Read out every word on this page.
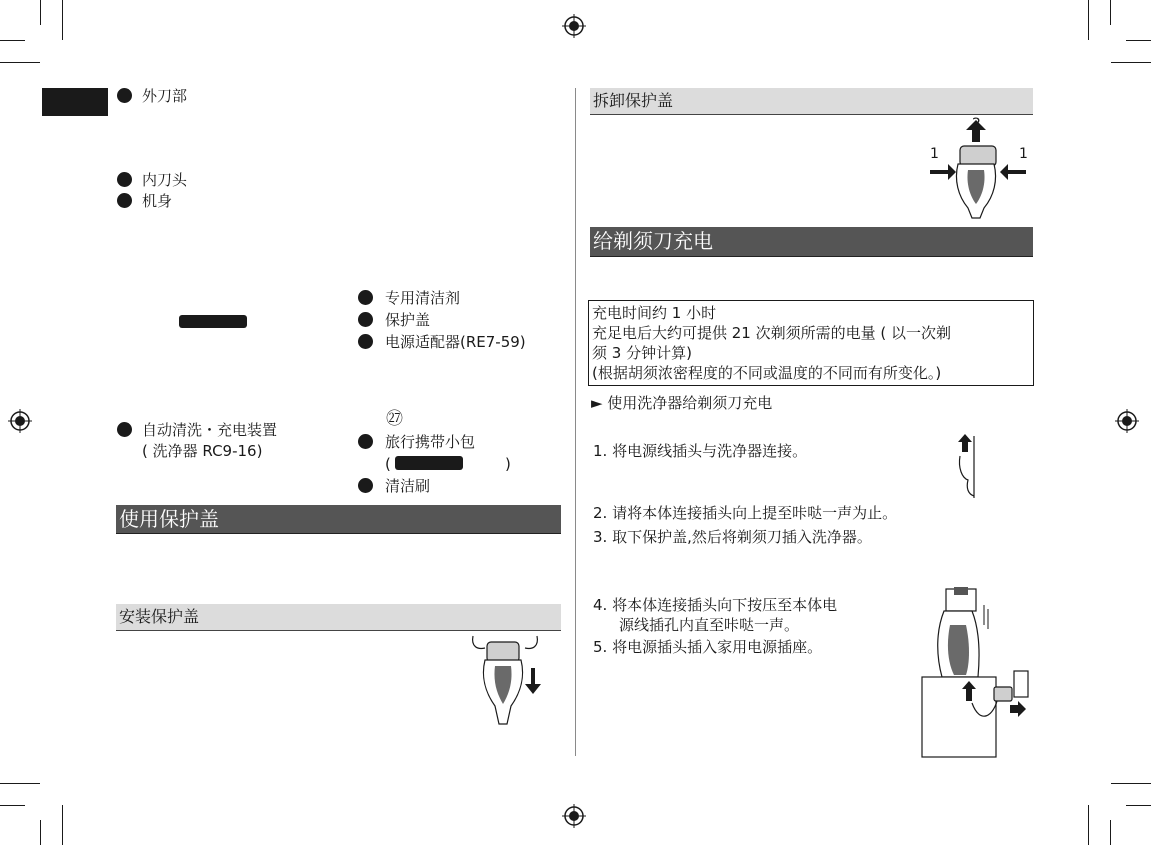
外刀部
内刀头
机身
专用清洁剂
保护盖
电源适配器(RE7-59)
自动清洗・充电装置
( 洗净器 RC9-16)
㉗
旅行携带小包
(	)
清洁刷
使用保护盖
安装保护盖
拆卸保护盖
2
1	1
给剃须刀充电
充电时间约 1 小时
充足电后大约可提供 21 次剃须所需的电量 ( 以一次剃
须 3 分钟计算)
(根据胡须浓密程度的不同或温度的不同而有所变化。)
► 使用洗净器给剃须刀充电
1. 将电源线插头与洗净器连接。
2. 请将本体连接插头向上提至咔哒一声为止。
3. 取下保护盖,然后将剃须刀插入洗净器。
4. 将本体连接插头向下按压至本体电
源线插孔内直至咔哒一声。
5. 将电源插头插入家用电源插座。
